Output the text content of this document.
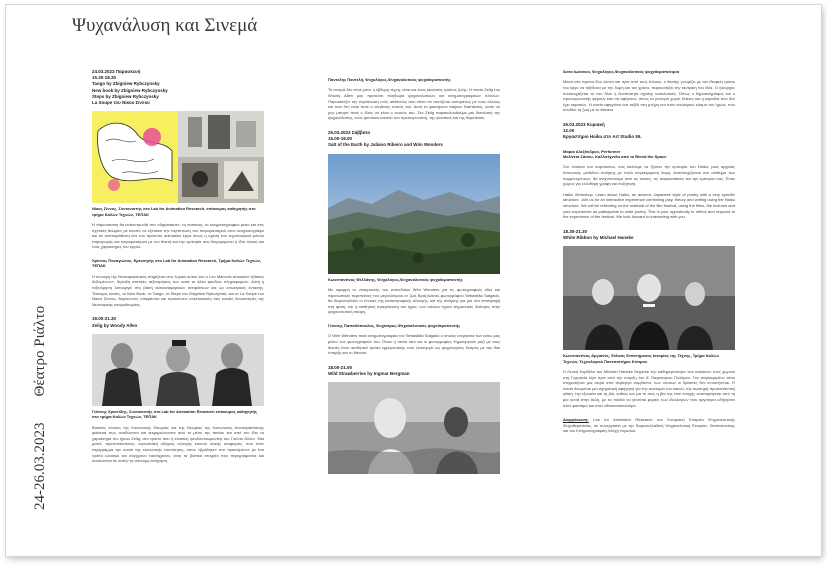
Ψυχανάλυση και Σινεμά
24-26.03.2023Θέατρο Ριάλτο
24.03.2023 Παρασκευή
15.30-18.30
Tango by Zbigniew Rybczynsky
New book by Zbigniew Rybczynsky
Steps by Zbigniew Rybczynsky
La Soupe του Νίκου Σίννου
Νίκος Σίννος, Συντονιστής στο Lab for Animation Research, επίκουρος καθηγητής στο τμήμα Καλών Τεχνών, ΤΕΠΑΚ

Η παρουσίαση θα επικεντρωθεί στο «Apparatus», τη συσκευή, το κινηματογραφικό μέσο και στις σχετικές θεωρίες με σκοπό να εξετάσει την περίπτωση του πειραματισμού στον κινηματογράφο και σε αντιπαράθεση ένα του πρότυπο animation έργα όπως η σχέση του τεχνολογικού μέσου παραγωγής και πειραματισμού με τον θεατή και την εμπειρία που διαμορφώνει η ίδια πλοκή και τους χαρακτήρες του έργου.

Χρίστος Παναγιώτου, Ερευνητής στο Lab for Animation Research, Τμήμα Καλών Τεχνών, ΤΕΠΑΚ

Η σύνοψη της Νευταιρικότητας στηρίζεται στις λογικά αυτού του ο Lev Manovic αποκαλεί «βάσεις δεδομένων», δηλαδή στατικές ταξινομήσεις των κατά το άλλα ψευδών πληροφοριών. Αυτή η ταξινόμηση λειτουργεί στη βάση αυτοαναφορικών αντιφάσεων και ως εσωτερικές έντασης. Τέσσερις ταινίες, το New Book, το Tango, το Steps του Zbigniew Rybczyński, και το La Soupe του Νίκου Σίννου, διερευνούν, επαφίενται και προτείνουν εναλλακτικές στις ενιαίες δυνατότητες της Νευταιρικής κοσμοθεωρίας.

19.00-21.30
Zelig by Woody Allen
Γιάννης Χριστίδης, Συντονιστής στο Lab for Animation Research επίκουρος καθηγητής στο τμήμα Καλών Τεχνών, ΤΕΠΑΚ

Βασικές έννοιες της Κοινωνικής Θεωρίας και της Θεωρίας της Κοινωνικής Αναπαράστασης φαίνεται πως αναδύονται και τεκμηριώνονται από το μέσο της ταινίας και από τον ίδιο τα χαρακτήρα τον ήρωα Zelig, στο τρόπο που η κλασική ψευδοντοκιμαντέρ του Γούντυ Άλλεν. Μια ματιά, τηλεοπτικοποιός, ευρωπαϊκή οδηγική αλλαγής εαυτού υλικής αναφοράς, που στον περιγράμμα την ουσία της κοινωνικής ταυτότητας, οπου «βρέθηκε» στο «φαινόμενο» με ένα τρόπο κλασικό και σύγχρονο ταυτόχρονα, είναι τα βασικά στοιχεία που περιγράφονται και αναλύονται σε αυτήν τη σύντομη εισήγηση.

Παντελής Παντελή, Ψυχολόγος-Ψυχαναλυτικός ψυχοθεραπευτής

Το σινεμά δεν είναι μόνο η έβδομη τέχνη, είναι και ένας εικονικός τρόπος ζωής. Η ταινία Zelig του Woody Allen μας προτείνει πληθώρα ψυχαναλυτικών και κινηματογραφικών πλάνων. Παρουσιάζει την περίπτωση ενός ασθενούς που τείνει να ταυτίζεται αυτομάτως με τους άλλους και που δεν είναι ποτέ ο αληθινός εαυτός του. Αυτό το φαινόμενο παίρνει διαστάσεις, ώστε να μην μπορεί ποτέ ο ίδιος να είναι ο εαυτός του. Στο Zelig παρακολουθούμε μια διαπλοκή της ψυχανάλυσης, ενός ψεύτικου εαυτού του πρωταγωνιστή, της γυναίκας και της θεραπείας.

25.03.2023 Σάββατο
15.00-18.00
Salt of the Earth by Juliano Ribeiro and Wim Wenders
Κωνσταντίνος Φελλάνης, Ψυχολόγος-Ψυχαναλυτικός ψυχοθεραπευτής

Με αφορμή το ντοκιμαντέρ του σπουδαίου Wim Wenders για τις φωτογραφικές όδοι και προσωπικές περιπέτειες του μεγαλύτερου εν ζωή Βραζιλιάνου φωτογράφου Sebastião Salgado, θα διερευνηθούν οι έννοιες της καταστροφικής αλλαγής, και της ανάγκης για μια νέα επιστροφή στη φύση, και η αισθητική πραγάτευση του ήχου, των οποίων έχουν σημαντικές ιδιότητες στην ψυχαναλυτική σκέψη.

Γιάννης Παπαδόπουλος, Ψυχίατρος-Ψυχαναλυτικός ψυχοθεραπευτής

Ο Wim Wenders ποιεί κινηματογραφικά τον Sebastião Salgado ο οποίος ενεργείται των κάτω μας μέσω των φωτογραφιών του. Όσον η ταινία όσο και οι φωτογραφίες δημιουργούν μαζί με τους θεατές έναν αισθητικό τρόπο ερμηνευτικής που λειτουργεί ως ψυχολογικός δεσμός με την ίδια ύπαρξη και το θάνατο.

18.00-21.00
Wild Strawberries by Ingmar Bergman
Άννα Ιωάννου, Ψυχολόγος-Ψυχαναλυτικός ψυχοθεραπεύτρια

Μέσα στα πρώτα δύο λεπτά και πριν από τους τίτλους, ο θεατής γνωρίζει με τον ιδιοφυή τρόπο του έργο να ταξιδεύει με την δομή και τον χρόνο, παρουσιάζει την κεντρική του ιδέα. Ο ήλιαρχος αναστοχάζεται το νου δίνει η δυνατότητα σχέσης καταλυτικές. Όπως ο δημοσιογράφος και ο πρωταγωνιστής φέρουν κάτι να αφήσουν, όπως τα ρολόγια χωρίς δείκτες και η καρυδιά που δεν έχει καρπούς. Η ταινία αφηγείται ένα ταξίδι στη μνήμη και στον εσωτερικό κόσμο του ήρωα, που συνδέει τη ζωή με το θάνατο.

26.03.2023 Κυριακή
12.00
Εργαστήριο Haiku στο Art Studio 55.
Μαρία Αλεξάνδρου, Performer
Μελίνεια Σάσου, Καλλιτέχνιδα από το Blend the Space

Στο πλαίσιο του συμπόσιου, σας καλούμε να ζήσετε την εμπειρία του Haiku, μιας αρχαίας Ιαπωνικής μεθόδου ποίησης με πολύ συγκεκριμένη δομή. Αντιστοιχίζονται στο αίσθημα των συμμετεχόντων, θα ανιχνεύσουμε από τις ταινίες, τις παρουσιάσεις και την εμπειρία σας. Ένας χώρος για ελεύθερη γραφή και συζήτηση.

Haiku Workshop. Learn about Haiku, an ancient, Japanese style of poetry with a very specific structure. Join us for an interactive experience combining play, theory and writing using the Haiku structure. We will be reflecting on the material of the film festival, using the films, the lectures and your experience as participants to write poetry. This is your opportunity to reflect and respond to the experience of the festival. We look forward to interacting with you.

18.30-21.30
White Ribbon by Michael Haneke
Κωνσταντίνος Αργιανός, Ειδικός Επιστήμονας Ιστορίας της Τέχνης, Τμήμα Καλών Τεχνών, Τεχνολογικό Πανεπιστήμιο Κύπρου

Η Λευκή Κορδέλα του Michael Haneke διηγείται την καθημερινότητα των κατοίκων ενός χωριού στη Γερμανία λίγο πριν από την έναρξη του Α' Παγκόσμιου Πολέμου. Τον συγκεκριμένο τόπο στιγματίζουν μια σειρά από περίεργα συμβάντα, των οποίων οι δράστες δεν εντοπίζονται. Η ταινία θεωρείται μια σχηματική αφήγηση για την ανατομία του κακού, την αυστηρή προτεσταντική ηθική, την εξουσία και τη βία, καθώς και για το πώς η βία της τότε εποχής αναπαράγεται από τη μία γενιά στην άλλη, με τα παιδιά να γίνονται φορείς των ιδεολογιών που αργότερα οδήγησαν στον φασισμό και στον εθνικοσοσιαλισμό.

Διοργάνωση: Lab for Animation Research του Κυπριακή Εταιρεία Ψυχαναλυτικής Ψυχοθεραπείας, σε συνεργασία με την Βορειοελλαδική Ψυχαναλυτική Εταιρεία, Θεσσαλονίκης και του Κινηματογραφική Λέσχη Λεμεσού.
